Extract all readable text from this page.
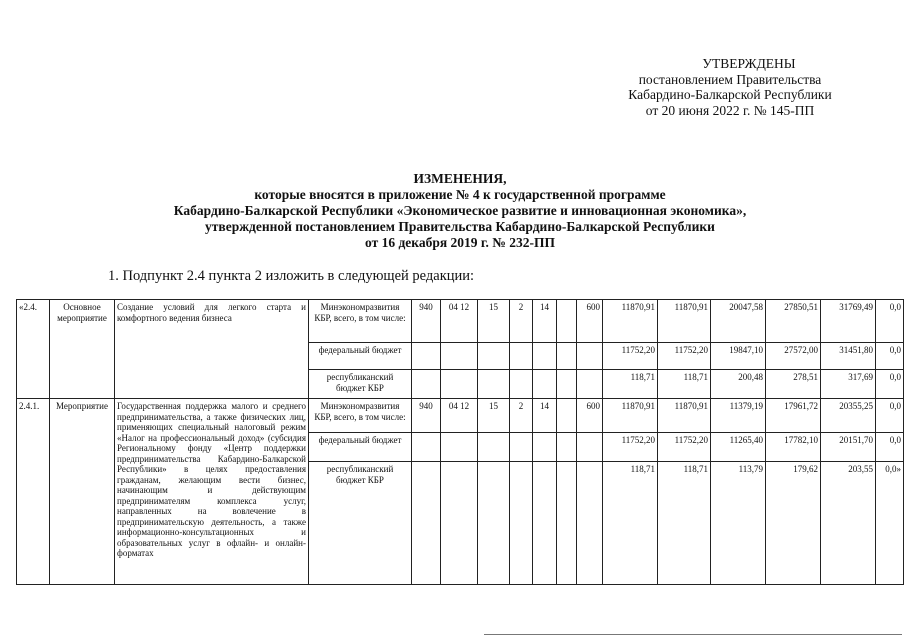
УТВЕРЖДЕНЫ
постановлением Правительства
Кабардино-Балкарской Республики
от 20 июня 2022 г. № 145-ПП
ИЗМЕНЕНИЯ,
которые вносятся в приложение № 4 к государственной программе
Кабардино-Балкарской Республики «Экономическое развитие и инновационная экономика»,
утвержденной постановлением Правительства Кабардино-Балкарской Республики
от 16 декабря 2019 г. № 232-ПП
1. Подпункт 2.4 пункта 2 изложить в следующей редакции:
«2.4.	Основное мероприятие	Создание условий для легкого старта и комфортного ведения бизнеса	Минэкономразвития КБР, всего, в том числе:	940	04 12	15	2	14		600	11870,91	11870,91	20047,58	27850,51	31769,49	0,0
			федеральный бюджет								11752,20	11752,20	19847,10	27572,00	31451,80	0,0
			республиканский бюджет КБР								118,71	118,71	200,48	278,51	317,69	0,0
2.4.1.	Мероприятие	Государственная поддержка малого и среднего предпринимательства, а также физических лиц, применяющих специальный налоговый режим «Налог на профессиональный доход» (субсидия Региональному фонду «Центр поддержки предпринимательства Кабардино-Балкарской Республики» в целях предоставления гражданам, желающим вести бизнес, начинающим и действующим предпринимателям комплекса услуг, направленных на вовлечение в предпринимательскую деятельность, а также информационно-консультационных и образовательных услуг в офлайн- и онлайн-форматах	Минэкономразвития КБР, всего, в том числе:	940	04 12	15	2	14		600	11870,91	11870,91	11379,19	17961,72	20355,25	0,0
			федеральный бюджет								11752,20	11752,20	11265,40	17782,10	20151,70	0,0
			республиканский бюджет КБР								118,71	118,71	113,79	179,62	203,55	0,0»
